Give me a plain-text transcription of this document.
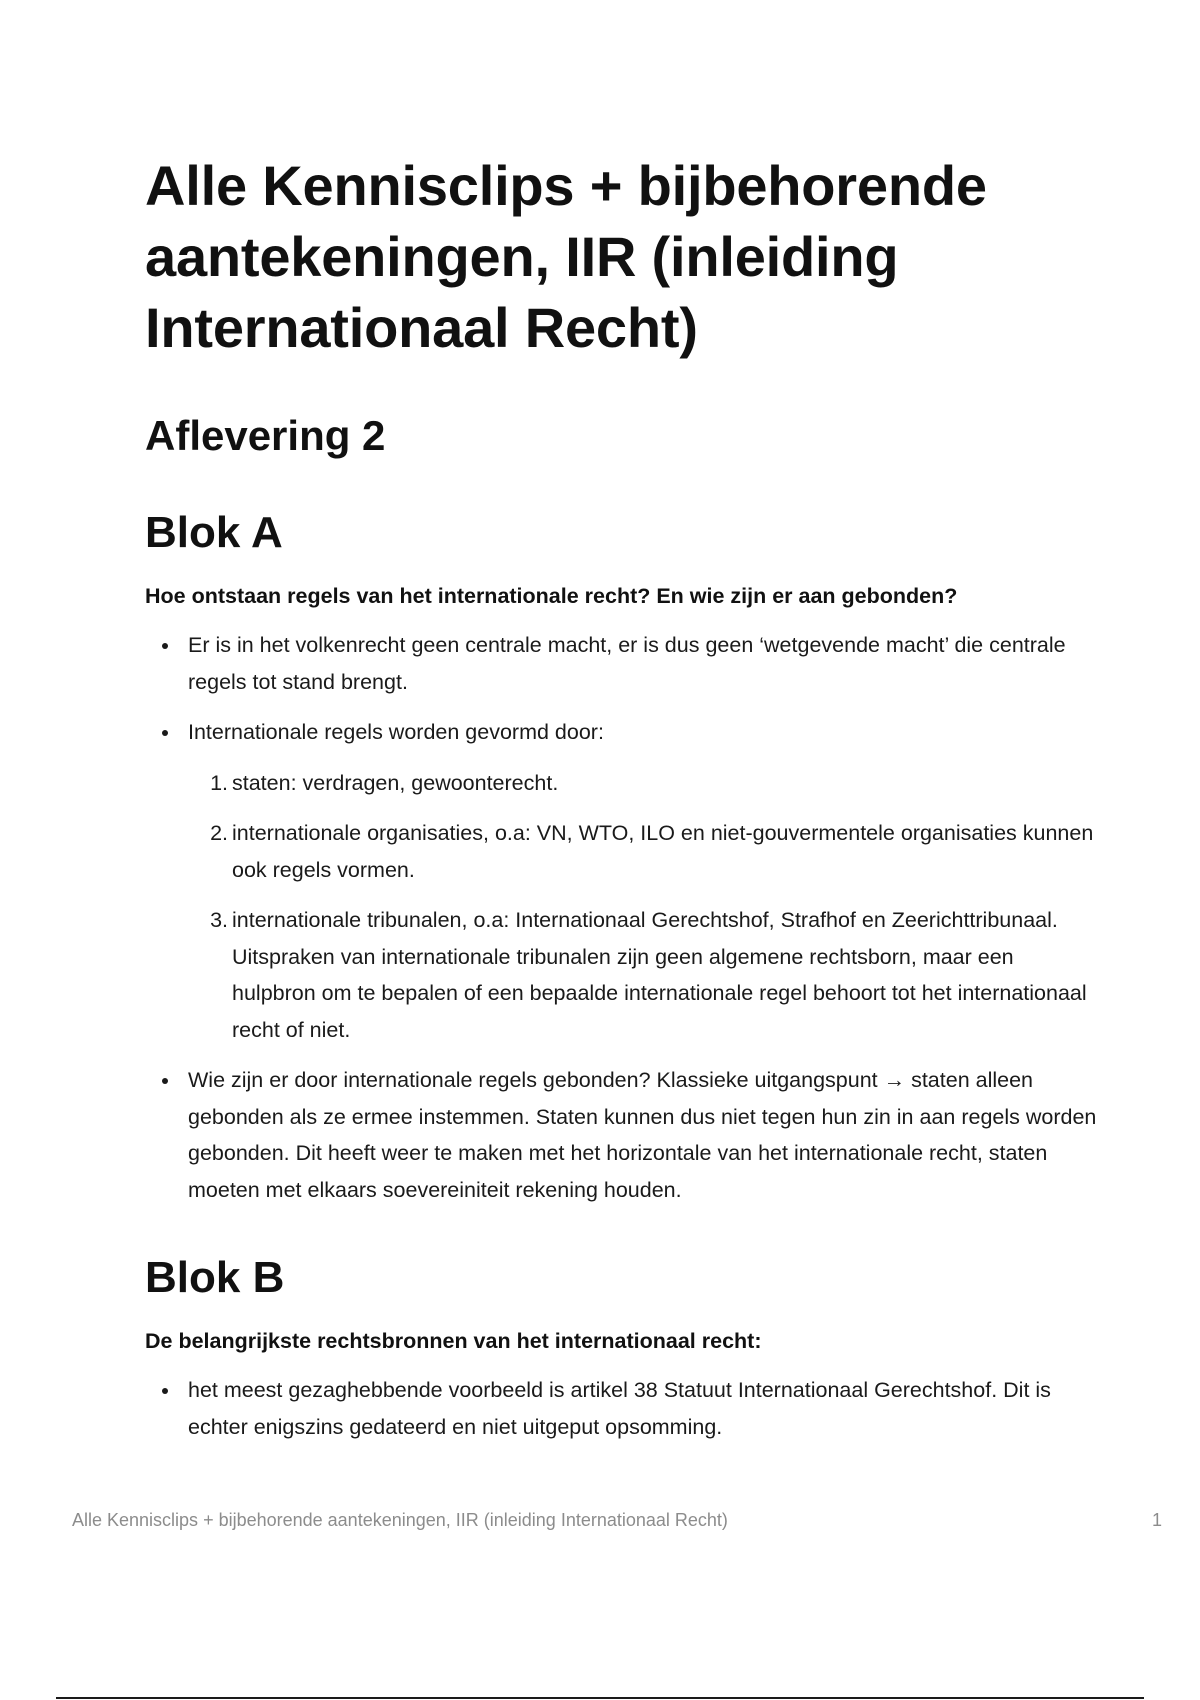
Alle Kennisclips + bijbehorende aantekeningen, IIR (inleiding Internationaal Recht)
Aflevering 2
Blok A

Hoe ontstaan regels van het internationale recht? En wie zijn er aan gebonden?

Er is in het volkenrecht geen centrale macht, er is dus geen ‘wetgevende macht’ die centrale regels tot stand brengt.
Internationale regels worden gevormd door:
1. staten: verdragen, gewoonterecht.
2. internationale organisaties, o.a: VN, WTO, ILO en niet-gouvermentele organisaties kunnen ook regels vormen.
3. internationale tribunalen, o.a: Internationaal Gerechtshof, Strafhof en Zeerichttribunaal. Uitspraken van internationale tribunalen zijn geen algemene rechtsborn, maar een hulpbron om te bepalen of een bepaalde internationale regel behoort tot het internationaal recht of niet.
Wie zijn er door internationale regels gebonden? Klassieke uitgangspunt → staten alleen gebonden als ze ermee instemmen. Staten kunnen dus niet tegen hun zin in aan regels worden gebonden. Dit heeft weer te maken met het horizontale van het internationale recht, staten moeten met elkaars soevereiniteit rekening houden.
Blok B

De belangrijkste rechtsbronnen van het internationaal recht:

het meest gezaghebbende voorbeeld is artikel 38 Statuut Internationaal Gerechtshof. Dit is echter enigszins gedateerd en niet uitgeput opsomming.
Alle Kennisclips + bijbehorende aantekeningen, IIR (inleiding Internationaal Recht)	1
